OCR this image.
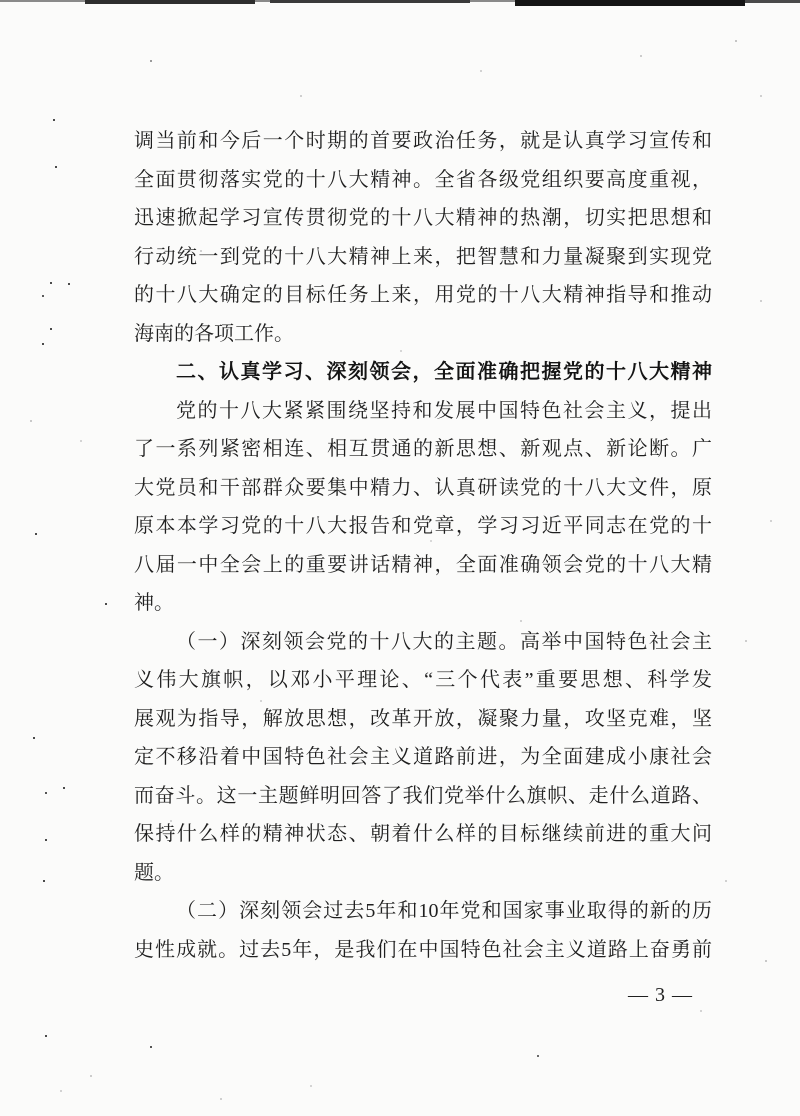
调当前和今后一个时期的首要政治任务，就是认真学习宣传和
全面贯彻落实党的十八大精神。全省各级党组织要高度重视，
迅速掀起学习宣传贯彻党的十八大精神的热潮，切实把思想和
行动统一到党的十八大精神上来，把智慧和力量凝聚到实现党
的十八大确定的目标任务上来，用党的十八大精神指导和推动
海南的各项工作。
二、认真学习、深刻领会，全面准确把握党的十八大精神
党的十八大紧紧围绕坚持和发展中国特色社会主义，提出
了一系列紧密相连、相互贯通的新思想、新观点、新论断。广
大党员和干部群众要集中精力、认真研读党的十八大文件，原
原本本学习党的十八大报告和党章，学习习近平同志在党的十
八届一中全会上的重要讲话精神，全面准确领会党的十八大精
神。
（一）深刻领会党的十八大的主题。高举中国特色社会主
义伟大旗帜，以邓小平理论、“三个代表”重要思想、科学发
展观为指导，解放思想，改革开放，凝聚力量，攻坚克难，坚
定不移沿着中国特色社会主义道路前进，为全面建成小康社会
而奋斗。这一主题鲜明回答了我们党举什么旗帜、走什么道路、
保持什么样的精神状态、朝着什么样的目标继续前进的重大问
题。
（二）深刻领会过去5年和10年党和国家事业取得的新的历
史性成就。过去5年，是我们在中国特色社会主义道路上奋勇前
— 3 —
